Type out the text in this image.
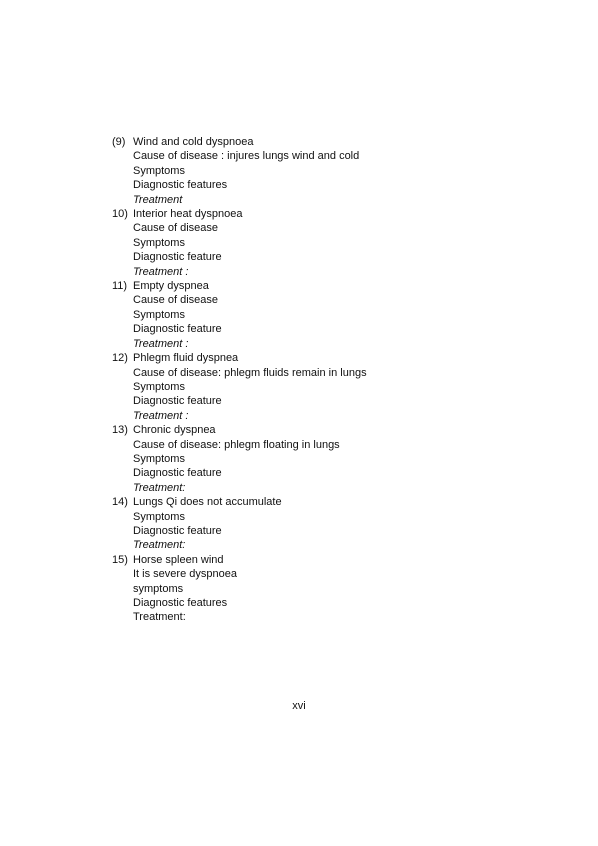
(9) Wind and cold dyspnoea
Cause of disease : injures lungs wind and cold
Symptoms
Diagnostic features
Treatment
10) Interior heat dyspnoea
Cause of disease
Symptoms
Diagnostic feature
Treatment :
11) Empty dyspnea
Cause of disease
Symptoms
Diagnostic feature
Treatment :
12) Phlegm fluid dyspnea
Cause of disease: phlegm fluids remain in lungs
Symptoms
Diagnostic feature
Treatment :
13) Chronic dyspnea
Cause of disease: phlegm floating in lungs
Symptoms
Diagnostic feature
Treatment:
14) Lungs Qi does not accumulate
Symptoms
Diagnostic feature
Treatment:
15) Horse spleen wind
It is severe dyspnoea
symptoms
Diagnostic features
Treatment:
xvi
